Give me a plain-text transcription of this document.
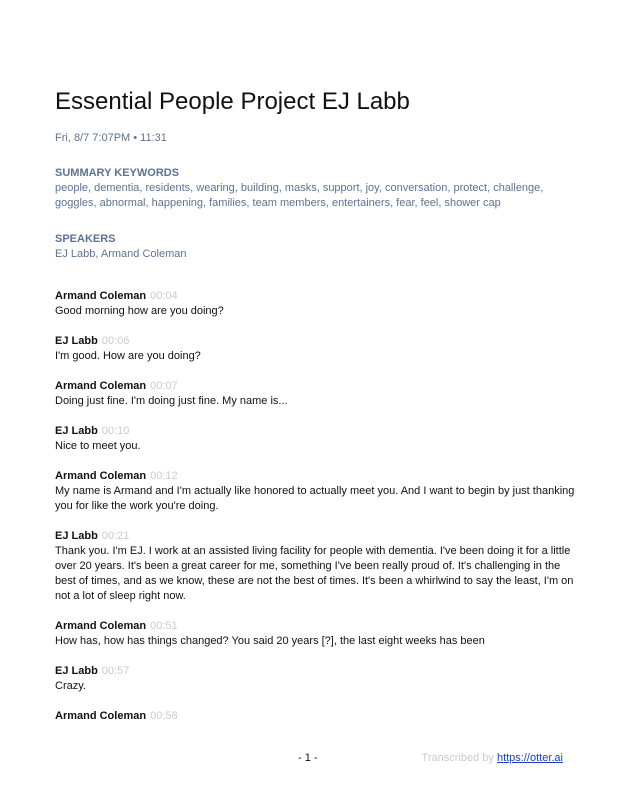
Essential People Project EJ Labb
Fri, 8/7 7:07PM • 11:31

SUMMARY KEYWORDS

people, dementia, residents, wearing, building, masks, support, joy, conversation, protect, challenge, goggles, abnormal, happening, families, team members, entertainers, fear, feel, shower cap

SPEAKERS

EJ Labb, Armand Coleman

Armand Coleman 00:04

Good morning how are you doing?

EJ Labb 00:06

I'm good. How are you doing?

Armand Coleman 00:07

Doing just fine. I'm doing just fine. My name is...

EJ Labb 00:10

Nice to meet you.

Armand Coleman 00:12

My name is Armand and I'm actually like honored to actually meet you. And I want to begin by just thanking you for like the work you're doing.

EJ Labb 00:21

Thank you. I'm EJ. I work at an assisted living facility for people with dementia. I've been doing it for a little over 20 years. It's been a great career for me, something I've been really proud of. It's challenging in the best of times, and as we know, these are not the best of times. It's been a whirlwind to say the least, I'm on not a lot of sleep right now.

Armand Coleman 00:51

How has, how has things changed? You said 20 years [?], the last eight weeks has been

EJ Labb 00:57

Crazy.

Armand Coleman 00:58

- 1 -	Transcribed by https://otter.ai
